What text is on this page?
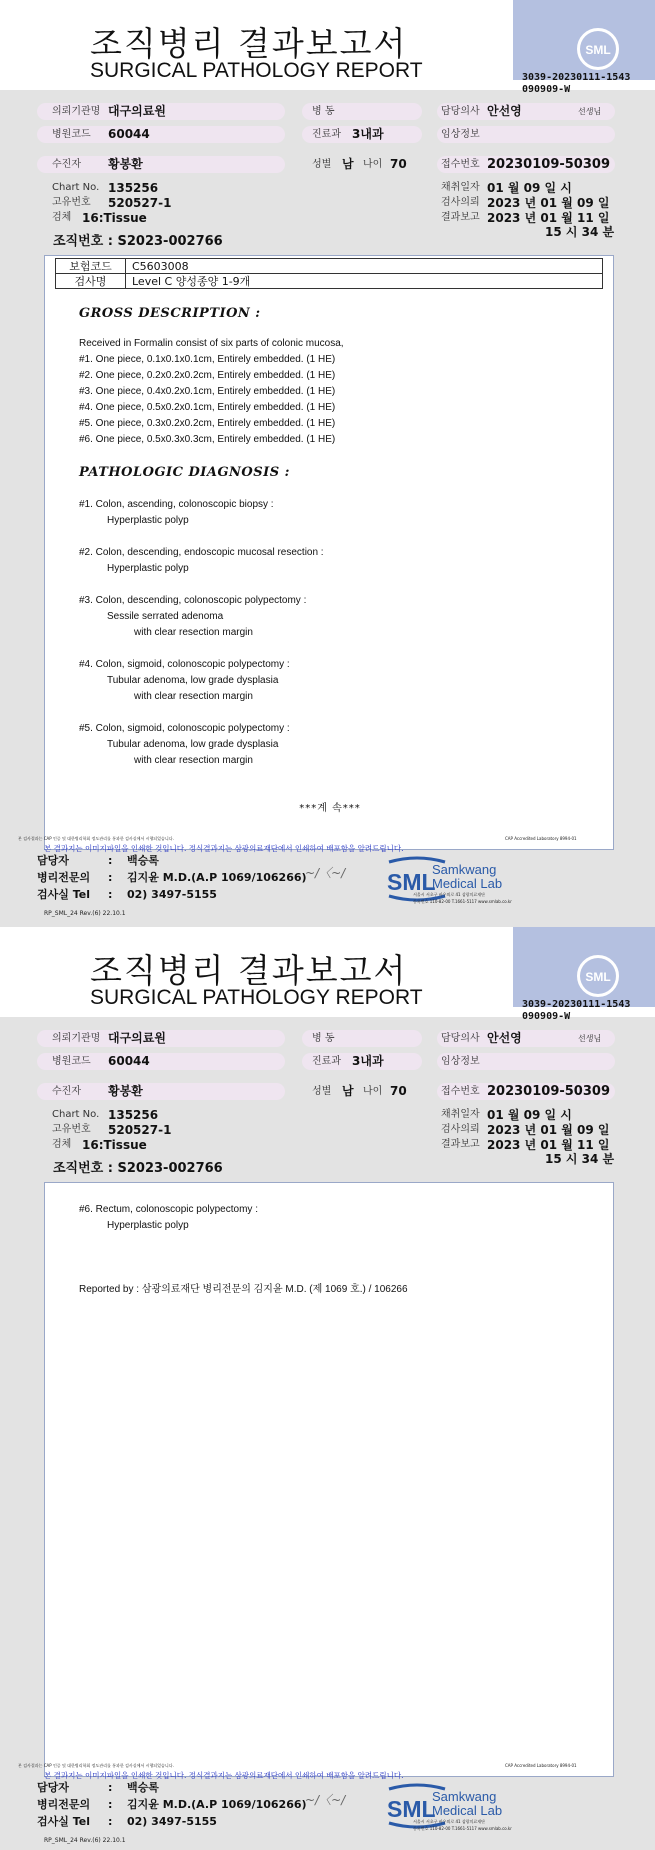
조직병리 결과보고서
SURGICAL PATHOLOGY REPORT
SML
3039-20230111-1543
090909-W
의뢰기관명 대구의료원
병원코드 60044
수진자 황봉환
병 동
진료과 3내과
성별 남 나이 70
담당의사 안선영	선생님
임상정보
접수번호 20230109-50309
Chart No. 135256
고유번호 520527-1
검체 16:Tissue
조직번호 : S2023-002766
채취일자 01 월 09 일 시
검사의뢰 2023 년 01 월 09 일
결과보고 2023 년 01 월 11 일
15 시 34 분
보험코드	C5603008
검사명	Level C 양성종양 1-9개
GROSS DESCRIPTION :
Received in Formalin consist of six parts of colonic mucosa,
#1. One piece, 0.1x0.1x0.1cm, Entirely embedded. (1 HE)
#2. One piece, 0.2x0.2x0.2cm, Entirely embedded. (1 HE)
#3. One piece, 0.4x0.2x0.1cm, Entirely embedded. (1 HE)
#4. One piece, 0.5x0.2x0.1cm, Entirely embedded. (1 HE)
#5. One piece, 0.3x0.2x0.2cm, Entirely embedded. (1 HE)
#6. One piece, 0.5x0.3x0.3cm, Entirely embedded. (1 HE)
PATHOLOGIC DIAGNOSIS :
#1. Colon, ascending, colonoscopic biopsy :
Hyperplastic polyp
#2. Colon, descending, endoscopic mucosal resection :
Hyperplastic polyp
#3. Colon, descending, colonoscopic polypectomy :
Sessile serrated adenoma
with clear resection margin
#4. Colon, sigmoid, colonoscopic polypectomy :
Tubular adenoma, low grade dysplasia
with clear resection margin
#5. Colon, sigmoid, colonoscopic polypectomy :
Tubular adenoma, low grade dysplasia
with clear resection margin
***계 속***
본 검사결과는 CAP 인증 및 대한병리학회 정도관리를 통과한 검사실에서 시행되었습니다.	CAP Accredited Laboratory 8994-01
본 결과지는 이미지파일을 인쇄한 것입니다. 정식결과지는 삼광의료재단에서 인쇄하여 배포함을 알려드립니다.
담당자	: 백승록
병리전문의 : 김지윤 M.D.(A.P 1069/106266)
~/〈~/
검사실 Tel : 02) 3497-5155
RP_SML_24 Rev.(6) 22.10.1
SML
Samkwang
Medical Lab
서울시 서초구 바우뫼로 41 삼광의료재단
등록번호 110-82-00 T.1661-5117 www.smlab.co.kr
조직병리 결과보고서
SURGICAL PATHOLOGY REPORT
SML
3039-20230111-1543
090909-W
의뢰기관명 대구의료원
병원코드 60044
수진자 황봉환
병 동
진료과 3내과
성별 남 나이 70
담당의사 안선영	선생님
임상정보
접수번호 20230109-50309
Chart No. 135256
고유번호 520527-1
검체 16:Tissue
조직번호 : S2023-002766
채취일자 01 월 09 일 시
검사의뢰 2023 년 01 월 09 일
결과보고 2023 년 01 월 11 일
15 시 34 분
#6. Rectum, colonoscopic polypectomy :
Hyperplastic polyp
Reported by : 삼광의료재단 병리전문의 김지윤 M.D. (제 1069 호.) / 106266
본 검사결과는 CAP 인증 및 대한병리학회 정도관리를 통과한 검사실에서 시행되었습니다.	CAP Accredited Laboratory 8994-01
본 결과지는 이미지파일을 인쇄한 것입니다. 정식결과지는 삼광의료재단에서 인쇄하여 배포함을 알려드립니다.
담당자	: 백승록
병리전문의 : 김지윤 M.D.(A.P 1069/106266)
~/〈~/
검사실 Tel : 02) 3497-5155
RP_SML_24 Rev.(6) 22.10.1
SML
Samkwang
Medical Lab
서울시 서초구 바우뫼로 41 삼광의료재단
등록번호 110-82-00 T.1661-5117 www.smlab.co.kr
